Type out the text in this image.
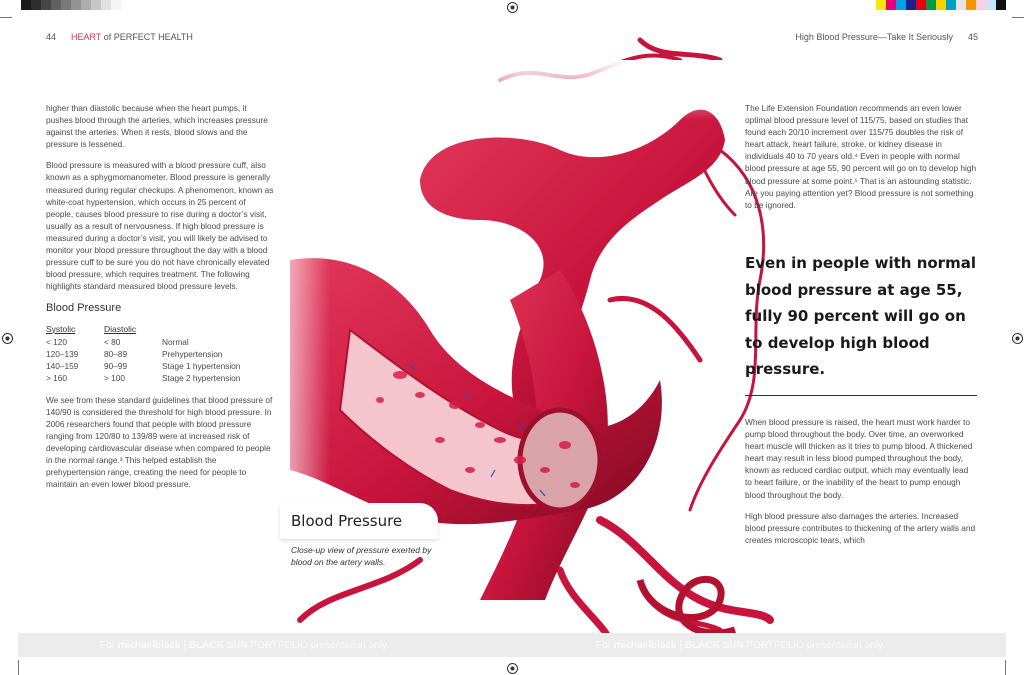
44 HEART of PERFECT HEALTH	High Blood Pressure—Take It Seriously 45

higher than diastolic because when the heart pumps, it pushes blood through the arteries, which increases pressure against the arteries. When it rests, blood slows and the pressure is lessened.

Blood pressure is measured with a blood pressure cuff, also known as a sphygmomanometer. Blood pressure is generally measured during regular checkups. A phenomenon, known as white-coat hypertension, which occurs in 25 percent of people, causes blood pressure to rise during a doctor’s visit, usually as a result of nervousness. If high blood pressure is measured during a doctor’s visit, you will likely be advised to monitor your blood pressure throughout the day with a blood pressure cuff to be sure you do not have chronically elevated blood pressure, which requires treatment. The following highlights standard measured blood pressure levels.

Blood Pressure
Systolic	Diastolic	
< 120	< 80	Normal
120–139	80–89	Prehypertension
140–159	90–99	Stage 1 hypertension
> 160	> 100	Stage 2 hypertension

We see from these standard guidelines that blood pressure of 140/90 is considered the threshold for high blood pressure. In 2006 researchers found that people with blood pressure ranging from 120/80 to 139/89 were at increased risk of developing cardiovascular disease when compared to people in the normal range.³ This helped establish the prehypertension range, creating the need for people to maintain an even lower blood pressure.

The Life Extension Foundation recommends an even lower optimal blood pressure level of 115/75, based on studies that found each 20/10 increment over 115/75 doubles the risk of heart attack, heart failure, stroke, or kidney disease in individuals 40 to 70 years old.⁴ Even in people with normal blood pressure at age 55, 90 percent will go on to develop high blood pressure at some point.⁵ That is an astounding statistic. Are you paying attention yet? Blood pressure is not something to be ignored.

Even in people with normal blood pressure at age 55, fully 90 percent will go on to develop high blood pressure.

When blood pressure is raised, the heart must work harder to pump blood throughout the body. Over time, an overworked heart muscle will thicken as it tries to pump blood. A thickened heart may result in less blood pumped throughout the body, known as reduced cardiac output, which may eventually lead to heart failure, or the inability of the heart to pump enough blood throughout the body.

High blood pressure also damages the arteries. Increased blood pressure contributes to thickening of the artery walls and creates microscopic tears, which

Blood Pressure
Close-up view of pressure exerted by blood on the artery walls.
For michaelblack | BLACK SUN PORTFOLIO presentation only.	For michaelblack | BLACK SUN PORTFOLIO presentation only.
